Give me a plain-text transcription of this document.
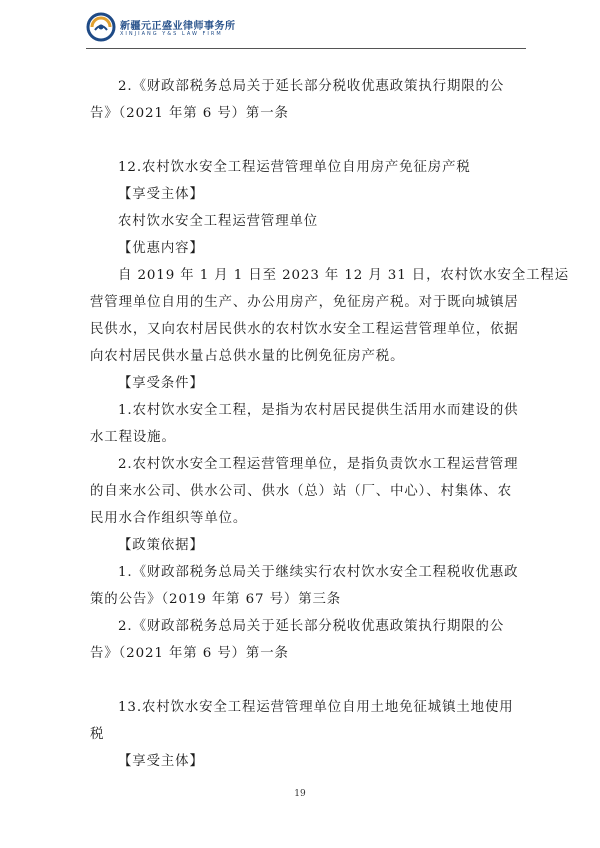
新疆元正盛业律师事务所
XINJIANG Y&S LAW FIRM
2.《财政部税务总局关于延长部分税收优惠政策执行期限的公
告》（2021 年第 6 号）第一条
12.农村饮水安全工程运营管理单位自用房产免征房产税
【享受主体】
农村饮水安全工程运营管理单位
【优惠内容】
自 2019 年 1 月 1 日至 2023 年 12 月 31 日，农村饮水安全工程运
营管理单位自用的生产、办公用房产，免征房产税。对于既向城镇居
民供水，又向农村居民供水的农村饮水安全工程运营管理单位，依据
向农村居民供水量占总供水量的比例免征房产税。
【享受条件】
1.农村饮水安全工程，是指为农村居民提供生活用水而建设的供
水工程设施。
2.农村饮水安全工程运营管理单位，是指负责饮水工程运营管理
的自来水公司、供水公司、供水（总）站（厂、中心）、村集体、农
民用水合作组织等单位。
【政策依据】
1.《财政部税务总局关于继续实行农村饮水安全工程税收优惠政
策的公告》（2019 年第 67 号）第三条
2.《财政部税务总局关于延长部分税收优惠政策执行期限的公
告》（2021 年第 6 号）第一条
13.农村饮水安全工程运营管理单位自用土地免征城镇土地使用
税
【享受主体】
19
